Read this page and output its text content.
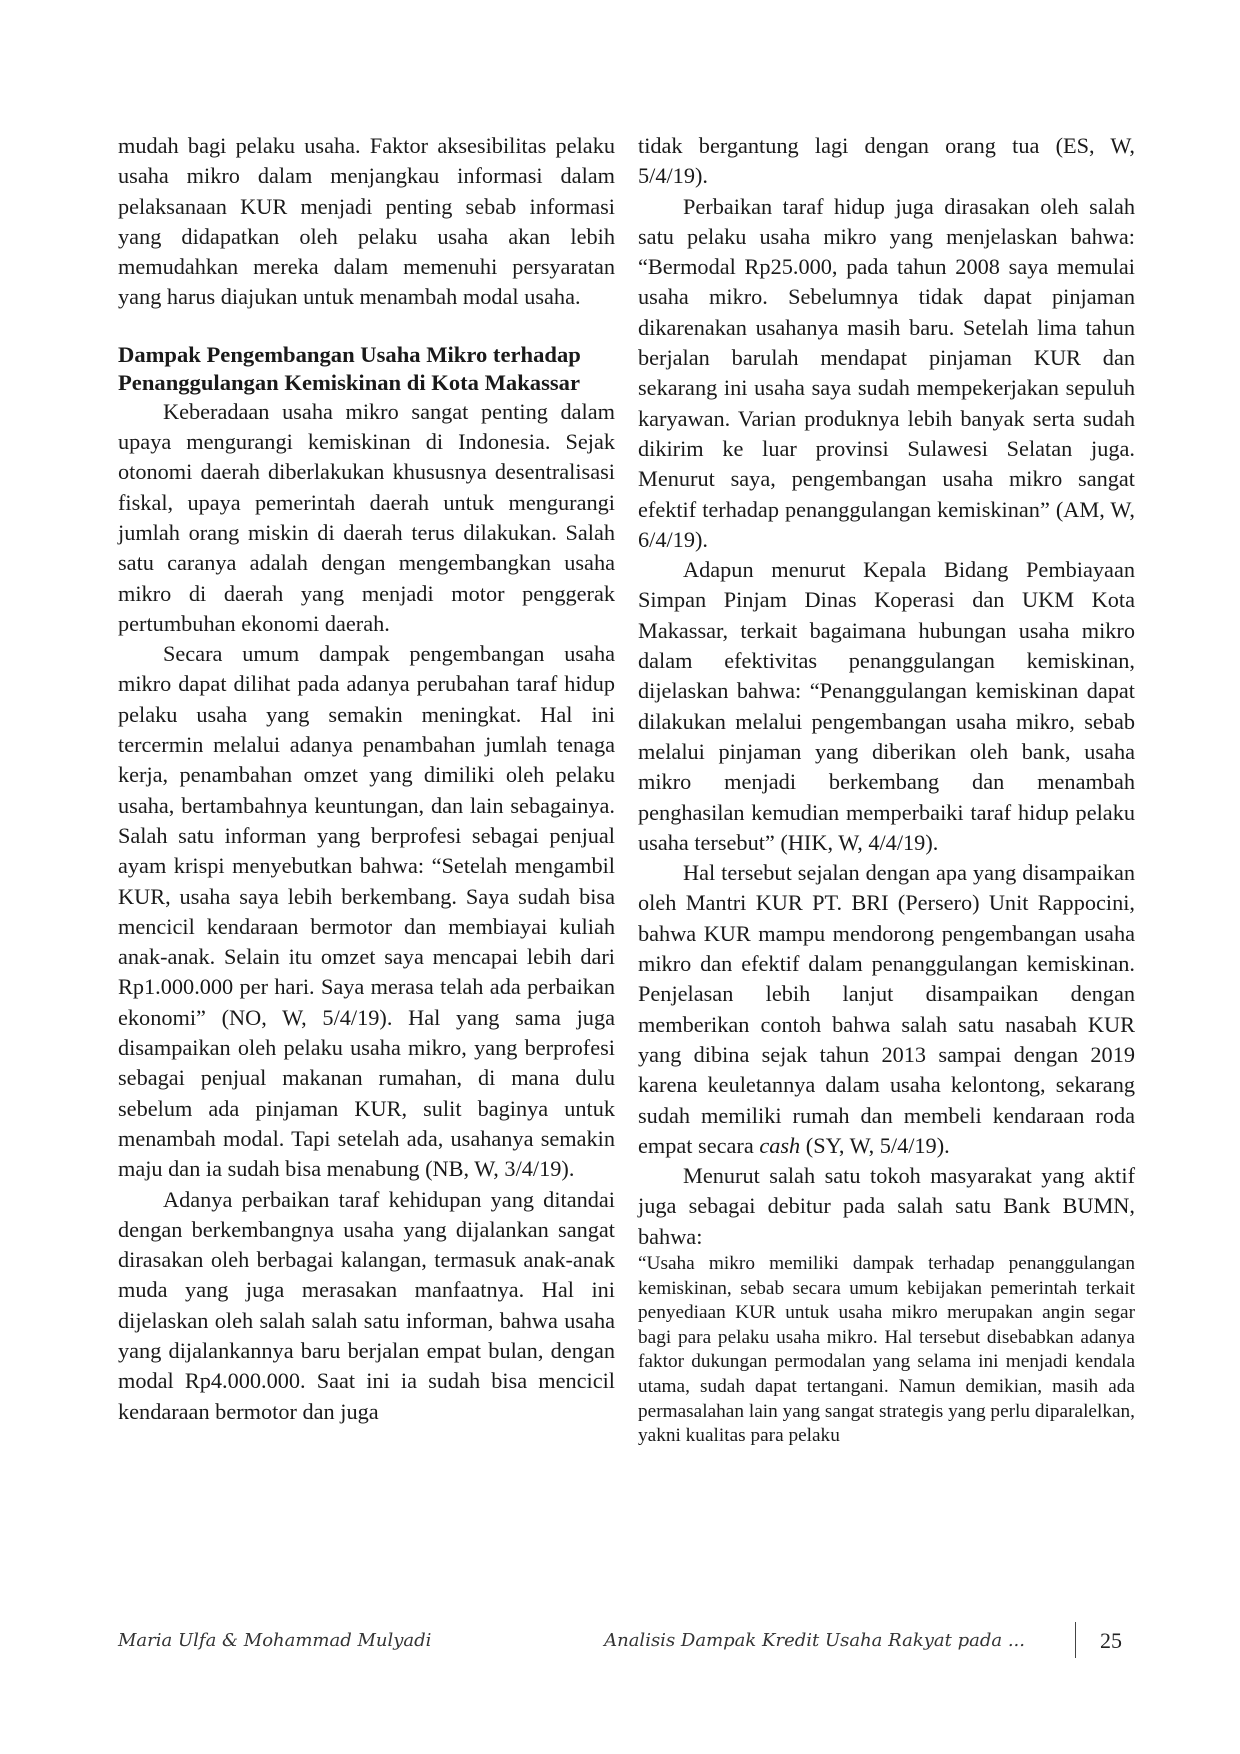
mudah bagi pelaku usaha. Faktor aksesibilitas pelaku usaha mikro dalam menjangkau informasi dalam pelaksanaan KUR menjadi penting sebab informasi yang didapatkan oleh pelaku usaha akan lebih memudahkan mereka dalam memenuhi persyaratan yang harus diajukan untuk menambah modal usaha.

Dampak Pengembangan Usaha Mikro terhadap Penanggulangan Kemiskinan di Kota Makassar

Keberadaan usaha mikro sangat penting dalam upaya mengurangi kemiskinan di Indonesia. Sejak otonomi daerah diberlakukan khususnya desentralisasi fiskal, upaya pemerintah daerah untuk mengurangi jumlah orang miskin di daerah terus dilakukan. Salah satu caranya adalah dengan mengembangkan usaha mikro di daerah yang menjadi motor penggerak pertumbuhan ekonomi daerah.

Secara umum dampak pengembangan usaha mikro dapat dilihat pada adanya perubahan taraf hidup pelaku usaha yang semakin meningkat. Hal ini tercermin melalui adanya penambahan jumlah tenaga kerja, penambahan omzet yang dimiliki oleh pelaku usaha, bertambahnya keuntungan, dan lain sebagainya. Salah satu informan yang berprofesi sebagai penjual ayam krispi menyebutkan bahwa: “Setelah mengambil KUR, usaha saya lebih berkembang. Saya sudah bisa mencicil kendaraan bermotor dan membiayai kuliah anak-anak. Selain itu omzet saya mencapai lebih dari Rp1.000.000 per hari. Saya merasa telah ada perbaikan ekonomi” (NO, W, 5/4/19). Hal yang sama juga disampaikan oleh pelaku usaha mikro, yang berprofesi sebagai penjual makanan rumahan, di mana dulu sebelum ada pinjaman KUR, sulit baginya untuk menambah modal. Tapi setelah ada, usahanya semakin maju dan ia sudah bisa menabung (NB, W, 3/4/19).

Adanya perbaikan taraf kehidupan yang ditandai dengan berkembangnya usaha yang dijalankan sangat dirasakan oleh berbagai kalangan, termasuk anak-anak muda yang juga merasakan manfaatnya. Hal ini dijelaskan oleh salah salah satu informan, bahwa usaha yang dijalankannya baru berjalan empat bulan, dengan modal Rp4.000.000. Saat ini ia sudah bisa mencicil kendaraan bermotor dan juga

tidak bergantung lagi dengan orang tua (ES, W, 5/4/19).

Perbaikan taraf hidup juga dirasakan oleh salah satu pelaku usaha mikro yang menjelaskan bahwa: “Bermodal Rp25.000, pada tahun 2008 saya memulai usaha mikro. Sebelumnya tidak dapat pinjaman dikarenakan usahanya masih baru. Setelah lima tahun berjalan barulah mendapat pinjaman KUR dan sekarang ini usaha saya sudah mempekerjakan sepuluh karyawan. Varian produknya lebih banyak serta sudah dikirim ke luar provinsi Sulawesi Selatan juga. Menurut saya, pengembangan usaha mikro sangat efektif terhadap penanggulangan kemiskinan” (AM, W, 6/4/19).

Adapun menurut Kepala Bidang Pembiayaan Simpan Pinjam Dinas Koperasi dan UKM Kota Makassar, terkait bagaimana hubungan usaha mikro dalam efektivitas penanggulangan kemiskinan, dijelaskan bahwa: “Penanggulangan kemiskinan dapat dilakukan melalui pengembangan usaha mikro, sebab melalui pinjaman yang diberikan oleh bank, usaha mikro menjadi berkembang dan menambah penghasilan kemudian memperbaiki taraf hidup pelaku usaha tersebut” (HIK, W, 4/4/19).

Hal tersebut sejalan dengan apa yang disampaikan oleh Mantri KUR PT. BRI (Persero) Unit Rappocini, bahwa KUR mampu mendorong pengembangan usaha mikro dan efektif dalam penanggulangan kemiskinan. Penjelasan lebih lanjut disampaikan dengan memberikan contoh bahwa salah satu nasabah KUR yang dibina sejak tahun 2013 sampai dengan 2019 karena keuletannya dalam usaha kelontong, sekarang sudah memiliki rumah dan membeli kendaraan roda empat secara cash (SY, W, 5/4/19).

Menurut salah satu tokoh masyarakat yang aktif juga sebagai debitur pada salah satu Bank BUMN, bahwa:

“Usaha mikro memiliki dampak terhadap penanggulangan kemiskinan, sebab secara umum kebijakan pemerintah terkait penyediaan KUR untuk usaha mikro merupakan angin segar bagi para pelaku usaha mikro. Hal tersebut disebabkan adanya faktor dukungan permodalan yang selama ini menjadi kendala utama, sudah dapat tertangani. Namun demikian, masih ada permasalahan lain yang sangat strategis yang perlu diparalelkan, yakni kualitas para pelaku

Maria Ulfa & Mohammad Mulyadi	Analisis Dampak Kredit Usaha Rakyat pada ...	25
